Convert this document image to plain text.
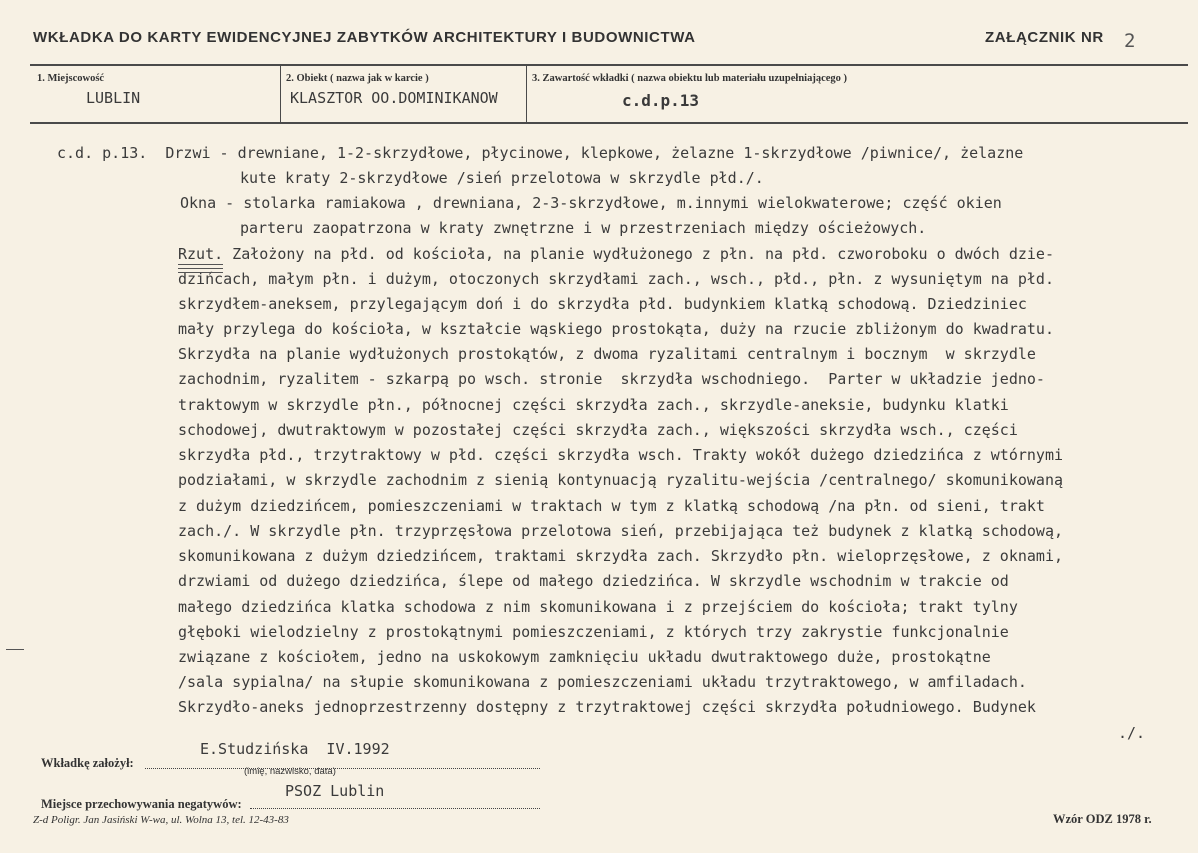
WKŁADKA DO KARTY EWIDENCYJNEJ ZABYTKÓW ARCHITEKTURY I BUDOWNICTWA	ZAŁĄCZNIK NR 2
1. Miejscowość
LUBLIN
2. Obiekt ( nazwa jak w karcie )
KLASZTOR OO.DOMINIKANOW
3. Zawartość wkładki ( nazwa obiektu lub materiału uzupełniającego )
c.d.p.13

c.d. p.13.  Drzwi - drewniane, 1-2-skrzydłowe, płycinowe, klepkowe, żelazne 1-skrzydłowe /piwnice/, żelazne

kute kraty 2-skrzydłowe /sień przelotowa w skrzydle płd./.

Okna - stolarka ramiakowa , drewniana, 2-3-skrzydłowe, m.innymi wielokwaterowe; część okien

parteru zaopatrzona w kraty zwnętrzne i w przestrzeniach między ościeżowych.

Rzut. Założony na płd. od kościoła, na planie wydłużonego z płn. na płd. czworoboku o dwóch dzie-

dzińcach, małym płn. i dużym, otoczonych skrzydłami zach., wsch., płd., płn. z wysuniętym na płd.

skrzydłem-aneksem, przylegającym doń i do skrzydła płd. budynkiem klatką schodową. Dziedziniec

mały przylega do kościoła, w kształcie wąskiego prostokąta, duży na rzucie zbliżonym do kwadratu.

Skrzydła na planie wydłużonych prostokątów, z dwoma ryzalitami centralnym i bocznym  w skrzydle

zachodnim, ryzalitem - szkarpą po wsch. stronie  skrzydła wschodniego.  Parter w układzie jedno-

traktowym w skrzydle płn., północnej części skrzydła zach., skrzydle-aneksie, budynku klatki

schodowej, dwutraktowym w pozostałej części skrzydła zach., większości skrzydła wsch., części

skrzydła płd., trzytraktowy w płd. części skrzydła wsch. Trakty wokół dużego dziedzińca z wtórnymi

podziałami, w skrzydle zachodnim z sienią kontynuacją ryzalitu-wejścia /centralnego/ skomunikowaną

z dużym dziedzińcem, pomieszczeniami w traktach w tym z klatką schodową /na płn. od sieni, trakt

zach./. W skrzydle płn. trzyprzęsłowa przelotowa sień, przebijająca też budynek z klatką schodową,

skomunikowana z dużym dziedzińcem, traktami skrzydła zach. Skrzydło płn. wieloprzęsłowe, z oknami,

drzwiami od dużego dziedzińca, ślepe od małego dziedzińca. W skrzydle wschodnim w trakcie od

małego dziedzińca klatka schodowa z nim skomunikowana i z przejściem do kościoła; trakt tylny

głęboki wielodzielny z prostokątnymi pomieszczeniami, z których trzy zakrystie funkcjonalnie

związane z kościołem, jedno na uskokowym zamknięciu układu dwutraktowego duże, prostokątne

/sala sypialna/ na słupie skomunikowana z pomieszczeniami układu trzytraktowego, w amfiladach.

Skrzydło-aneks jednoprzestrzenny dostępny z trzytraktowej części skrzydła południowego. Budynek

./.

E.Studzińska  IV.1992
Wkładkę założył:
(imię, nazwisko, data)
PSOZ Lublin
Miejsce przechowywania negatywów:
Z-d Poligr. Jan Jasiński W-wa, ul. Wolna 13, tel. 12-43-83	Wzór ODZ 1978 r.
